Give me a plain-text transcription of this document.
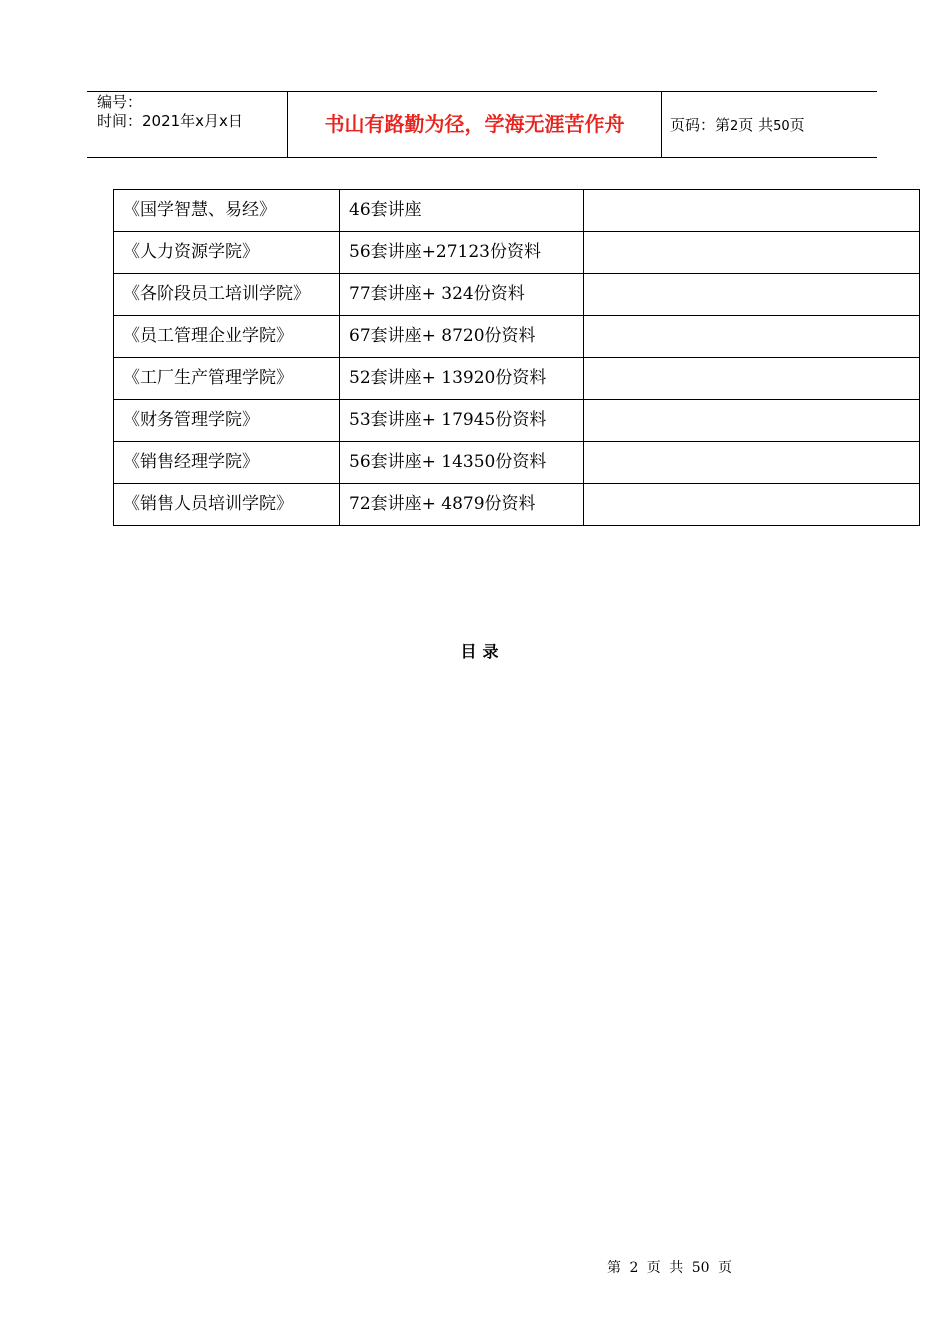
编号：
时间：2021年x月x日	书山有路勤为径，学海无涯苦作舟	页码：第2页 共50页
《国学智慧、易经》	46套讲座	
《人力资源学院》	56套讲座+27123份资料	
《各阶段员工培训学院》	77套讲座+ 324份资料	
《员工管理企业学院》	67套讲座+ 8720份资料	
《工厂生产管理学院》	52套讲座+ 13920份资料	
《财务管理学院》	53套讲座+ 17945份资料	
《销售经理学院》	56套讲座+ 14350份资料	
《销售人员培训学院》	72套讲座+ 4879份资料	
目录
第 2 页 共 50 页
